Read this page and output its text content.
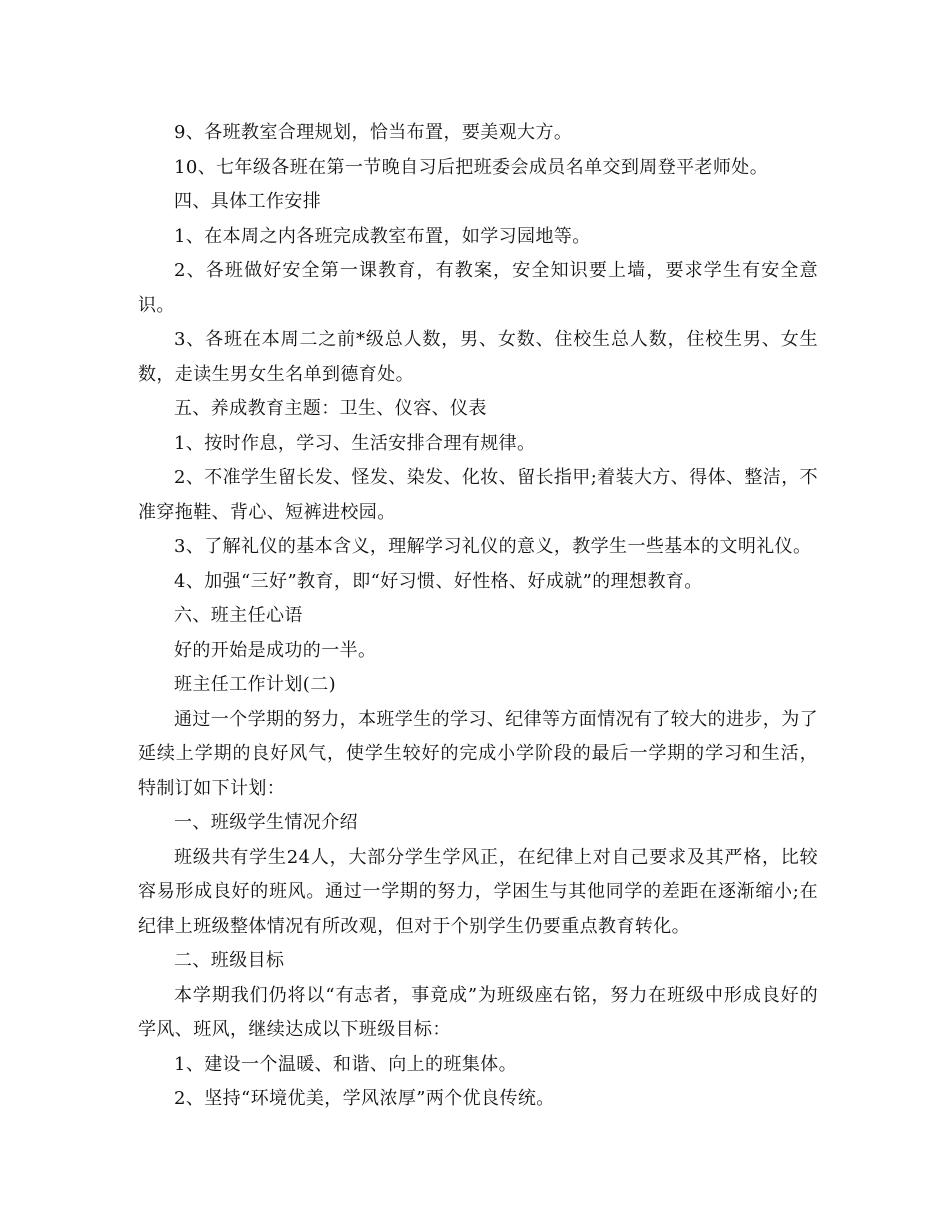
9、各班教室合理规划，恰当布置，要美观大方。

10、七年级各班在第一节晚自习后把班委会成员名单交到周登平老师处。

四、具体工作安排

1、在本周之内各班完成教室布置，如学习园地等。

2、各班做好安全第一课教育，有教案，安全知识要上墙，要求学生有安全意识。

3、各班在本周二之前*级总人数，男、女数、住校生总人数，住校生男、女生数，走读生男女生名单到德育处。

五、养成教育主题：卫生、仪容、仪表

1、按时作息，学习、生活安排合理有规律。

2、不准学生留长发、怪发、染发、化妆、留长指甲;着装大方、得体、整洁，不准穿拖鞋、背心、短裤进校园。

3、了解礼仪的基本含义，理解学习礼仪的意义，教学生一些基本的文明礼仪。

4、加强“三好”教育，即“好习惯、好性格、好成就”的理想教育。

六、班主任心语

好的开始是成功的一半。

班主任工作计划(二)

通过一个学期的努力，本班学生的学习、纪律等方面情况有了较大的进步，为了延续上学期的良好风气，使学生较好的完成小学阶段的最后一学期的学习和生活，特制订如下计划：

一、班级学生情况介绍

班级共有学生24人，大部分学生学风正，在纪律上对自己要求及其严格，比较容易形成良好的班风。通过一学期的努力，学困生与其他同学的差距在逐渐缩小;在纪律上班级整体情况有所改观，但对于个别学生仍要重点教育转化。

二、班级目标

本学期我们仍将以“有志者，事竟成”为班级座右铭，努力在班级中形成良好的学风、班风，继续达成以下班级目标：

1、建设一个温暖、和谐、向上的班集体。

2、坚持“环境优美，学风浓厚”两个优良传统。
